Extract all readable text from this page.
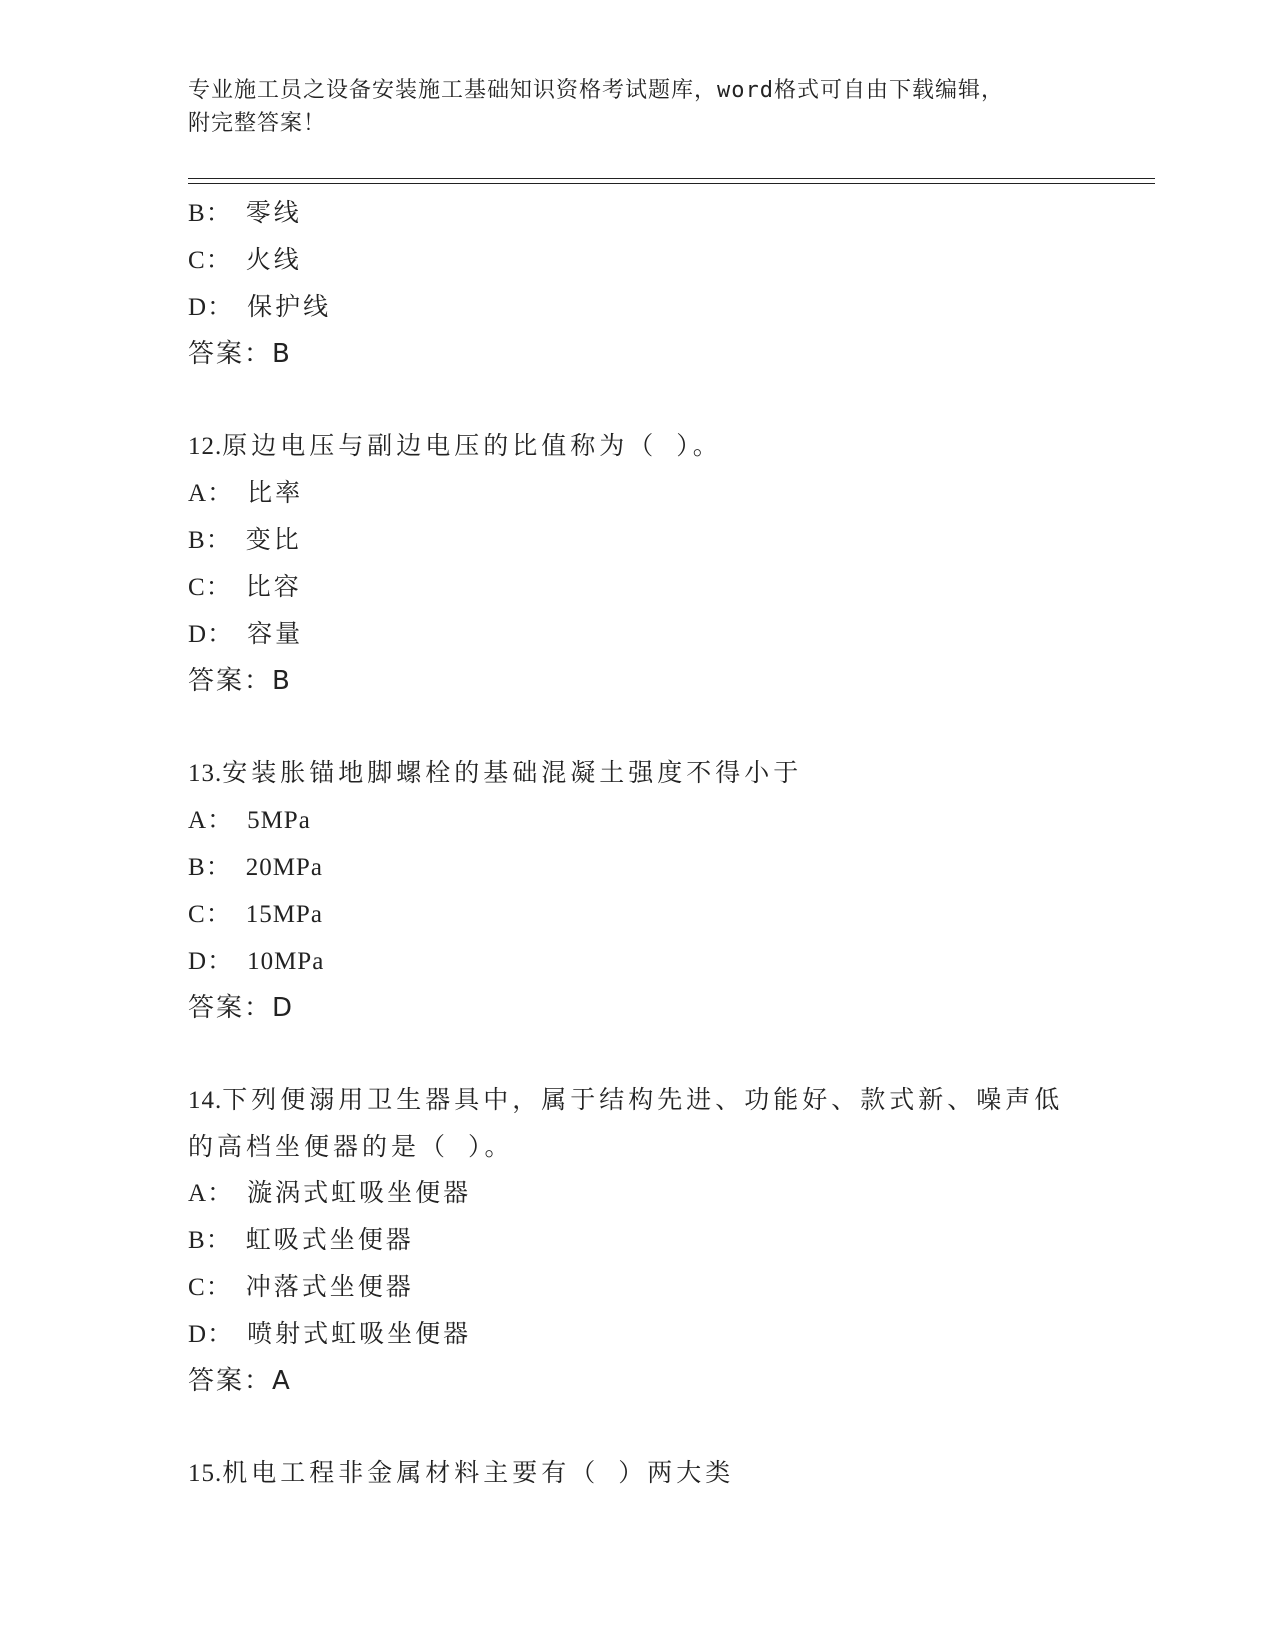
专业施工员之设备安装施工基础知识资格考试题库，word格式可自由下载编辑，
附完整答案！
B： 零线
C： 火线
D： 保护线
答案：B
12.原边电压与副边电压的比值称为（ ）。
A： 比率
B： 变比
C： 比容
D： 容量
答案：B
13.安装胀锚地脚螺栓的基础混凝土强度不得小于
A： 5MPa
B： 20MPa
C： 15MPa
D： 10MPa
答案：D
14.下列便溺用卫生器具中，属于结构先进、功能好、款式新、噪声低
的高档坐便器的是（ ）。
A： 漩涡式虹吸坐便器
B： 虹吸式坐便器
C： 冲落式坐便器
D： 喷射式虹吸坐便器
答案：A
15.机电工程非金属材料主要有（ ）两大类
